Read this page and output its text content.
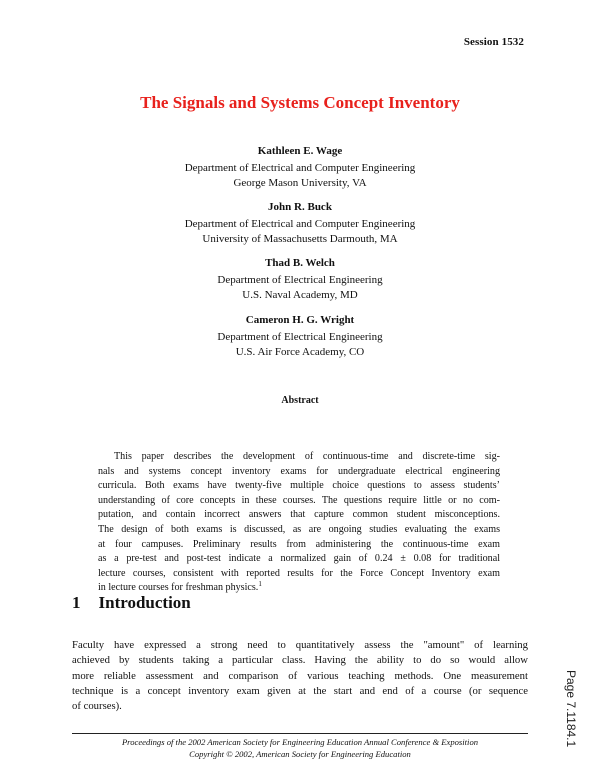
Session 1532
The Signals and Systems Concept Inventory
Kathleen E. Wage
Department of Electrical and Computer Engineering
George Mason University, VA
John R. Buck
Department of Electrical and Computer Engineering
University of Massachusetts Darmouth, MA
Thad B. Welch
Department of Electrical Engineering
U.S. Naval Academy, MD
Cameron H. G. Wright
Department of Electrical Engineering
U.S. Air Force Academy, CO
Abstract
This paper describes the development of continuous-time and discrete-time sig-
nals and systems concept inventory exams for undergraduate electrical engineering
curricula. Both exams have twenty-five multiple choice questions to assess students’
understanding of core concepts in these courses. The questions require little or no com-
putation, and contain incorrect answers that capture common student misconceptions.
The design of both exams is discussed, as are ongoing studies evaluating the exams
at four campuses. Preliminary results from administering the continuous-time exam
as a pre-test and post-test indicate a normalized gain of 0.24 ± 0.08 for traditional
lecture courses, consistent with reported results for the Force Concept Inventory exam
in lecture courses for freshman physics.$^1$
1 Introduction
Faculty have expressed a strong need to quantitatively assess the "amount" of learning
achieved by students taking a particular class. Having the ability to do so would allow
more reliable assessment and comparison of various teaching methods. One measurement
technique is a concept inventory exam given at the start and end of a course (or sequence
of courses).
Proceedings of the 2002 American Society for Engineering Education Annual Conference & Exposition
Copyright © 2002, American Society for Engineering Education
Page 7.1184.1
